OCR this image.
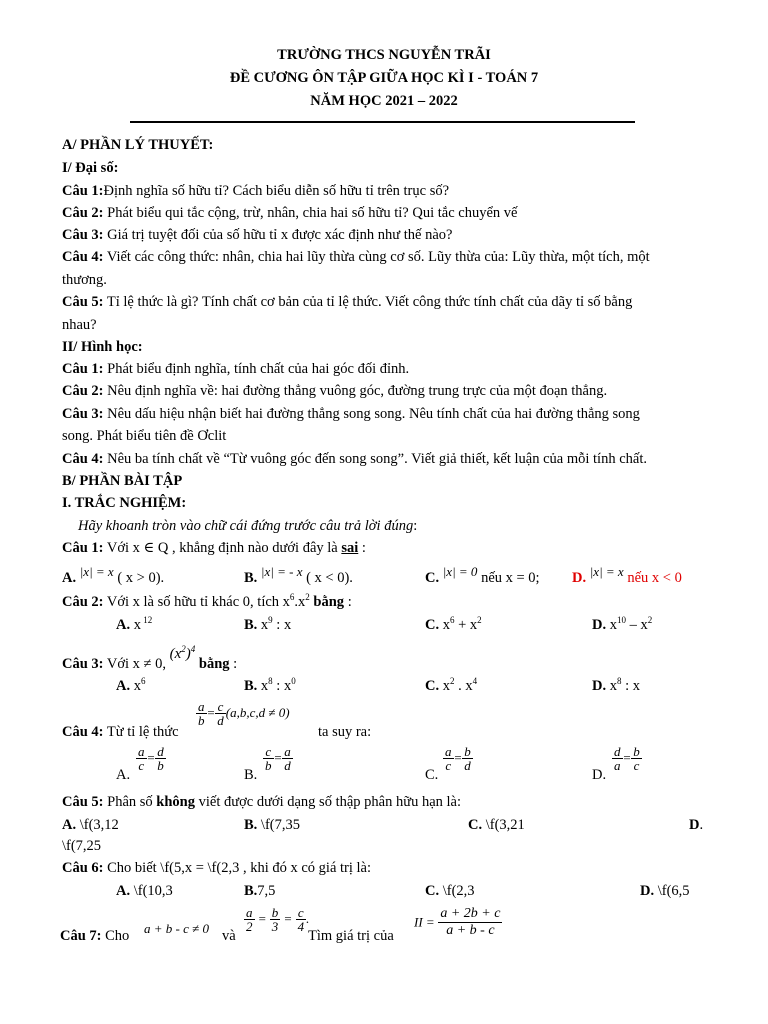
TRƯỜNG THCS NGUYỄN TRÃI
ĐỀ CƯƠNG ÔN TẬP GIỮA HỌC KÌ I - TOÁN 7
NĂM HỌC 2021 – 2022
A/ PHẦN LÝ THUYẾT:
I/ Đại số:
Câu 1:Định nghĩa số hữu tỉ? Cách biểu diễn số hữu tỉ trên trục số?
Câu 2: Phát biểu qui tắc cộng, trừ, nhân, chia hai số hữu tỉ? Qui tắc chuyển vế
Câu 3: Giá trị tuyệt đối của số hữu tỉ x được xác định như thế nào?
Câu 4: Viết các công thức: nhân, chia hai lũy thừa cùng cơ số. Lũy thừa của: Lũy thừa, một tích, một
thương.
Câu 5: Tỉ lệ thức là gì? Tính chất cơ bản của tỉ lệ thức. Viết công thức tính chất của dãy tỉ số bằng
nhau?
II/ Hình học:
Câu 1: Phát biểu định nghĩa, tính chất của hai góc đối đỉnh.
Câu 2: Nêu định nghĩa về: hai đường thẳng vuông góc, đường trung trực của một đoạn thẳng.
Câu 3: Nêu dấu hiệu nhận biết hai đường thẳng song song. Nêu tính chất của hai đường thẳng song
song. Phát biểu tiên đề Ơclit
Câu 4: Nêu ba tính chất về “Từ vuông góc đến song song”. Viết giả thiết, kết luận của mỗi tính chất.
B/ PHẦN BÀI TẬP
I. TRẮC NGHIỆM:
Hãy khoanh tròn vào chữ cái đứng trước câu trả lời đúng:
Câu 1: Với x ∈ Q , khẳng định nào dưới đây là sai :
A. |x| = x ( x > 0).	B. |x| = - x ( x < 0).	C. |x| = 0 nếu x = 0; D. |x| = x nếu x < 0
Câu 2: Với x là số hữu tỉ khác 0, tích $x^6.x^2$ bằng :
A. x $^{12}$	B. $x^9$ : x	C. $x^6 + x^2$	D. $x^{10} - x^2$
Câu 3: Với x ≠ 0, $(x^2)^4$ bằng :
A. $x^6$	B. $x^8$ : $x^0$	C. $x^2$ . $x^4$	D. $x^8$ : x
Câu 4: Từ tỉ lệ thức
$\frac{a}{b} = \frac{c}{d} (a,b,c,d \ne 0)$
ta suy ra:
A.
$\frac{a}{c} = \frac{d}{b}$
B.
$\frac{c}{b} = \frac{a}{d}$
C.
$\frac{a}{c} = \frac{b}{d}$
D.
$\frac{d}{a} = \frac{b}{c}$
Câu 5: Phân số không viết được dưới dạng số thập phân hữu hạn là:
A. \f(3,12	B. \f(7,35	C. \f(3,21	D.
\f(7,25
Câu 6: Cho biết \f(5,x = \f(2,3 , khi đó x có giá trị là:
A. \f(10,3	B.7,5	C. \f(2,3	D. \f(6,5
Câu 7: Cho a + b - c ≠ 0 và
$\frac{a}{2} = \frac{b}{3} = \frac{c}{4}$ .
Tìm giá trị của
II = $\frac{a + 2b + c}{a + b - c}$
